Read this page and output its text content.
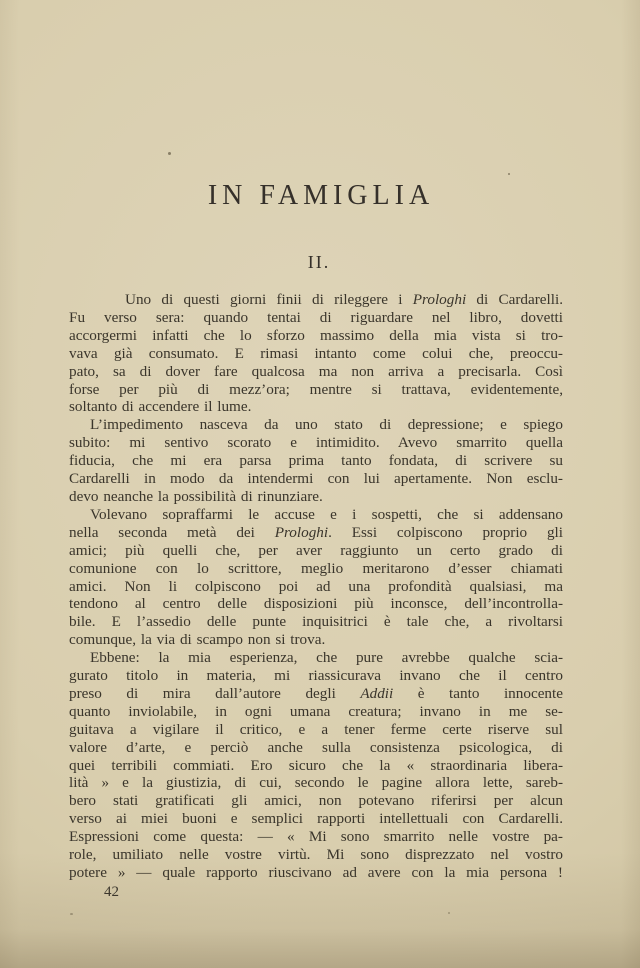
IN FAMIGLIA
II.
Uno di questi giorni finii di rileggere i Prologhi di Cardarelli.
Fu verso sera: quando tentai di riguardare nel libro, dovetti
accorgermi infatti che lo sforzo massimo della mia vista si tro-
vava già consumato. E rimasi intanto come colui che, preoccu-
pato, sa di dover fare qualcosa ma non arriva a precisarla. Così
forse per più di mezz’ora; mentre si trattava, evidentemente,
soltanto di accendere il lume.
L’impedimento nasceva da uno stato di depressione; e spiego
subito: mi sentivo scorato e intimidito. Avevo smarrito quella
fiducia, che mi era parsa prima tanto fondata, di scrivere su
Cardarelli in modo da intendermi con lui apertamente. Non esclu-
devo neanche la possibilità di rinunziare.
Volevano sopraffarmi le accuse e i sospetti, che si addensano
nella seconda metà dei Prologhi. Essi colpiscono proprio gli
amici; più quelli che, per aver raggiunto un certo grado di
comunione con lo scrittore, meglio meritarono d’esser chiamati
amici. Non li colpiscono poi ad una profondità qualsiasi, ma
tendono al centro delle disposizioni più inconsce, dell’incontrolla-
bile. E l’assedio delle punte inquisitrici è tale che, a rivoltarsi
comunque, la via di scampo non si trova.
Ebbene: la mia esperienza, che pure avrebbe qualche scia-
gurato titolo in materia, mi riassicurava invano che il centro
preso di mira dall’autore degli Addii è tanto innocente
quanto inviolabile, in ogni umana creatura; invano in me se-
guitava a vigilare il critico, e a tener ferme certe riserve sul
valore d’arte, e perciò anche sulla consistenza psicologica, di
quei terribili commiati. Ero sicuro che la « straordinaria libera-
lità » e la giustizia, di cui, secondo le pagine allora lette, sareb-
bero stati gratificati gli amici, non potevano riferirsi per alcun
verso ai miei buoni e semplici rapporti intellettuali con Cardarelli.
Espressioni come questa: — « Mi sono smarrito nelle vostre pa-
role, umiliato nelle vostre virtù. Mi sono disprezzato nel vostro
potere » — quale rapporto riuscivano ad avere con la mia persona !
42
